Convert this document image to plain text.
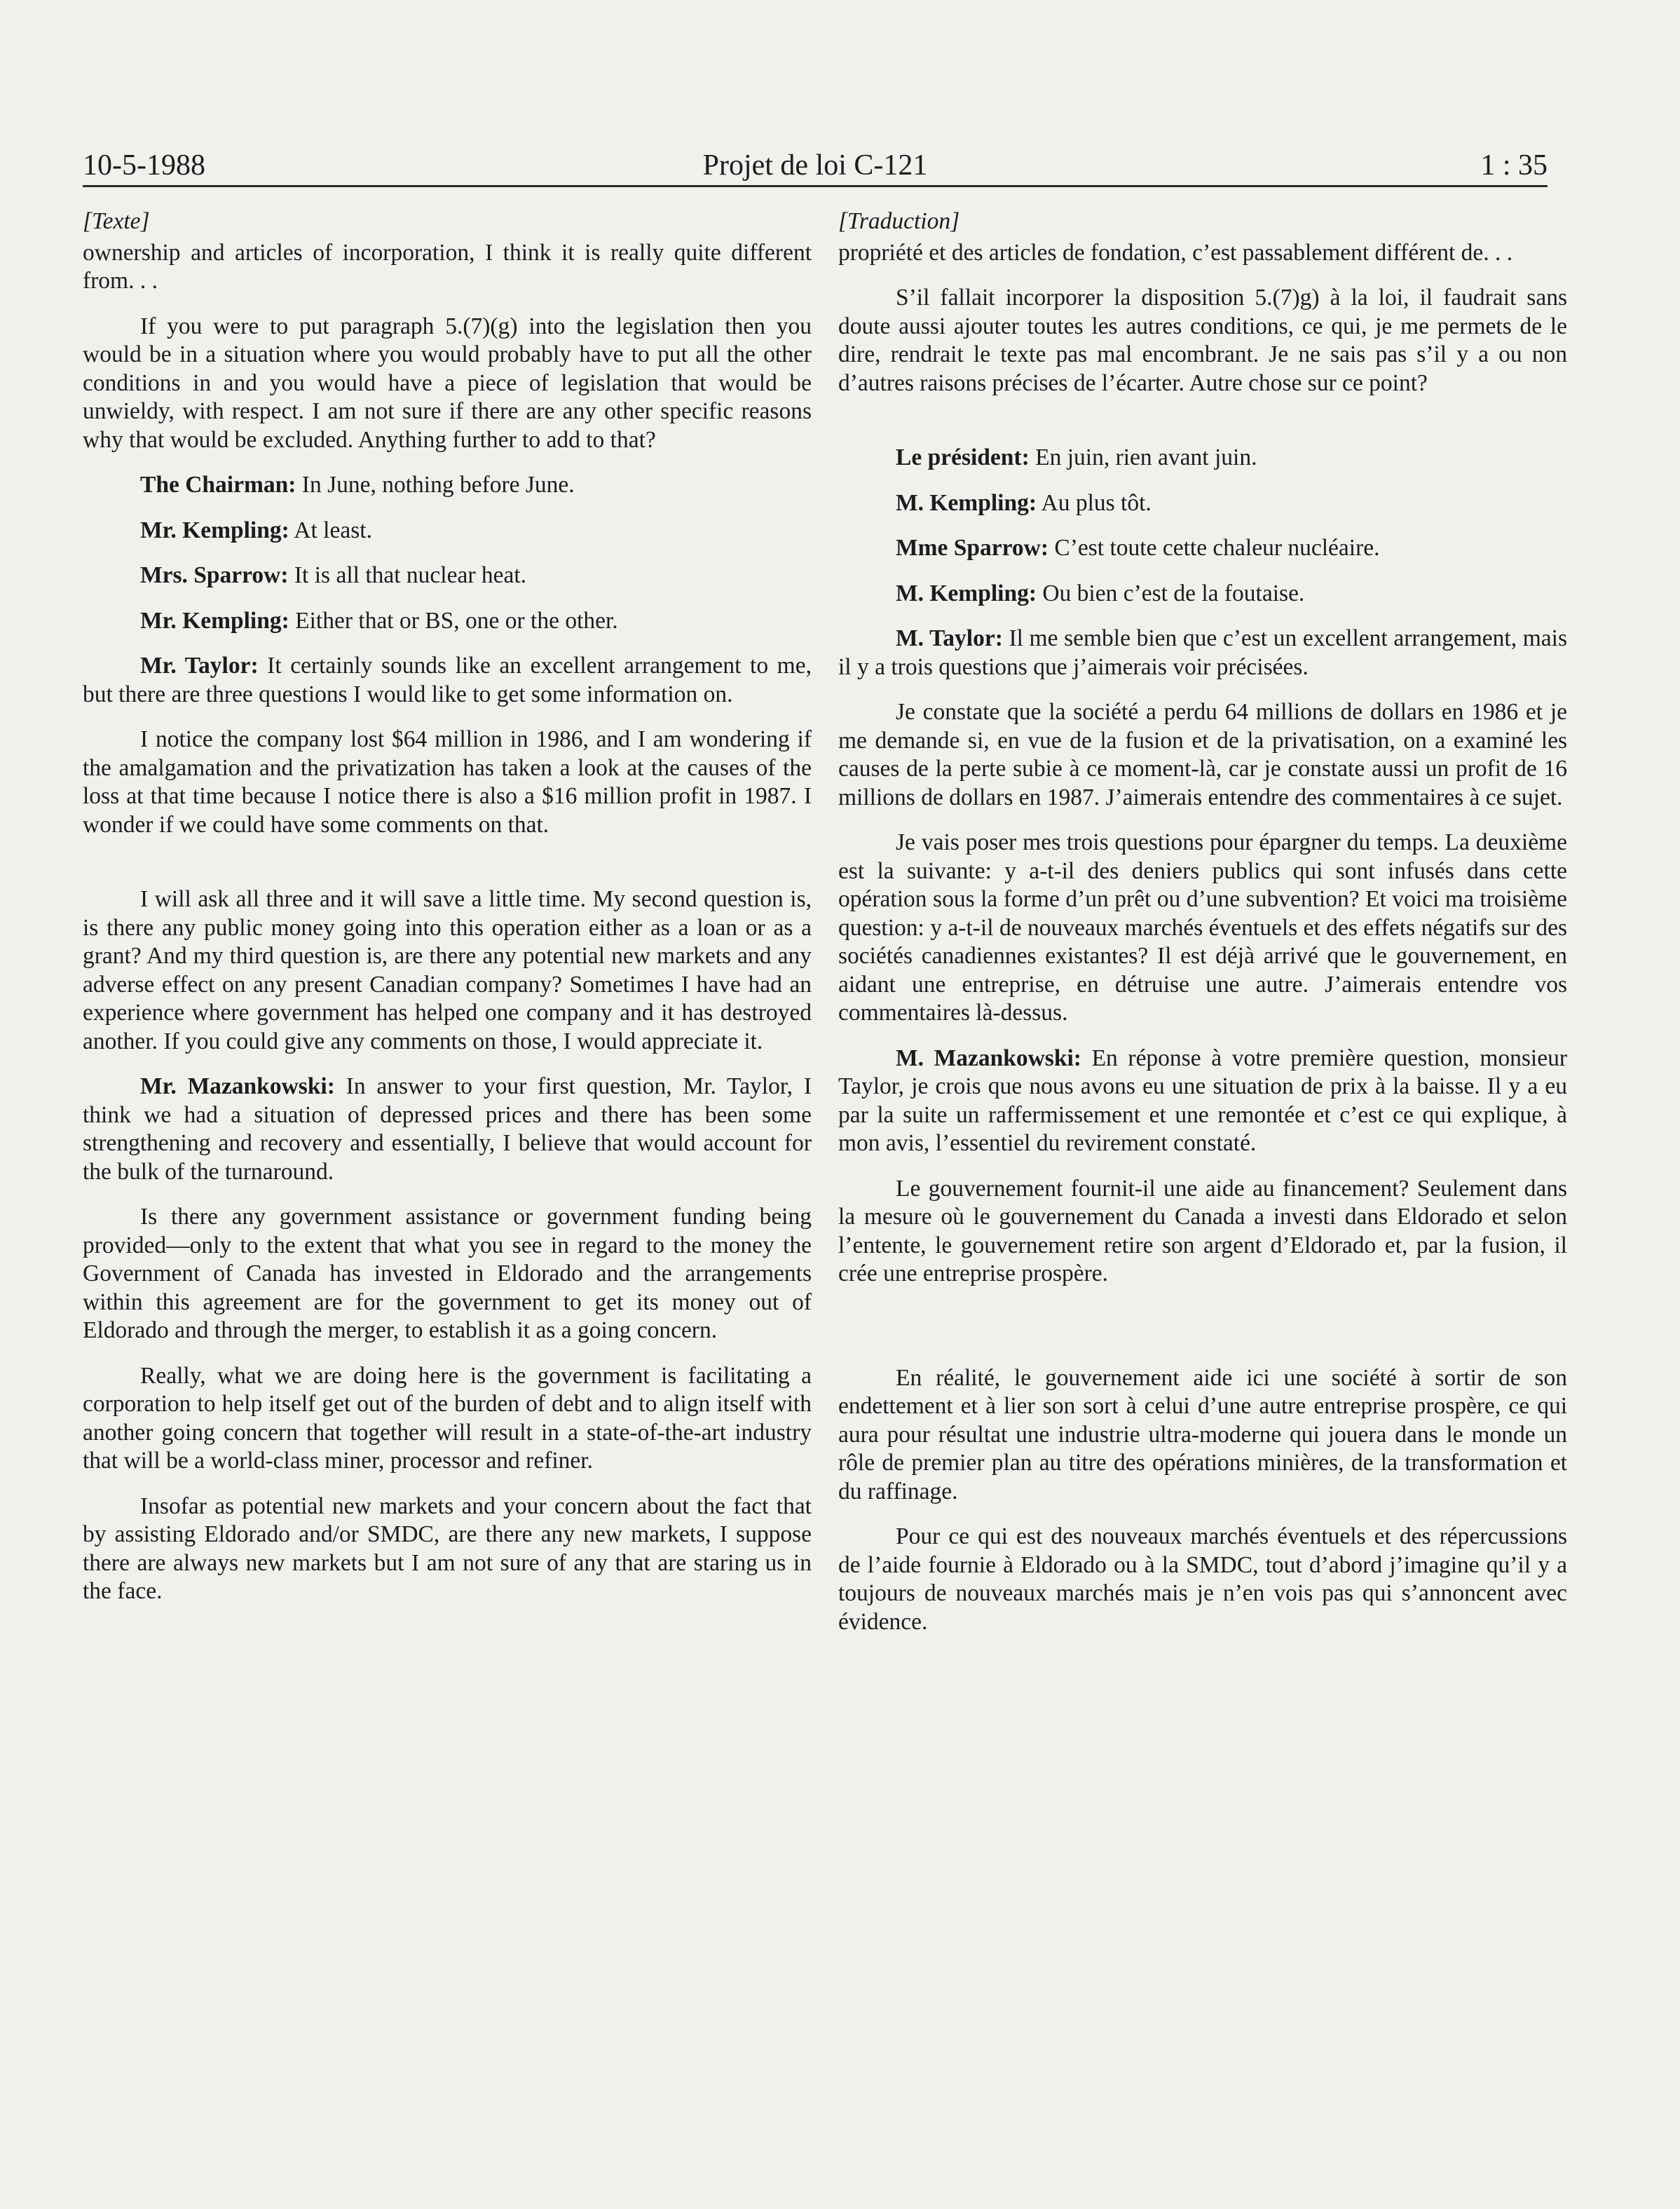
10-5-1988	Projet de loi C-121	1 : 35

[Texte]

ownership and articles of incorporation, I think it is really quite different from. . .

If you were to put paragraph 5.(7)(g) into the legislation then you would be in a situation where you would probably have to put all the other conditions in and you would have a piece of legislation that would be unwieldy, with respect. I am not sure if there are any other specific reasons why that would be excluded. Anything further to add to that?

The Chairman: In June, nothing before June.

Mr. Kempling: At least.

Mrs. Sparrow: It is all that nuclear heat.

Mr. Kempling: Either that or BS, one or the other.

Mr. Taylor: It certainly sounds like an excellent arrangement to me, but there are three questions I would like to get some information on.

I notice the company lost $64 million in 1986, and I am wondering if the amalgamation and the privatization has taken a look at the causes of the loss at that time because I notice there is also a $16 million profit in 1987. I wonder if we could have some comments on that.

I will ask all three and it will save a little time. My second question is, is there any public money going into this operation either as a loan or as a grant? And my third question is, are there any potential new markets and any adverse effect on any present Canadian company? Sometimes I have had an experience where government has helped one company and it has destroyed another. If you could give any comments on those, I would appreciate it.

Mr. Mazankowski: In answer to your first question, Mr. Taylor, I think we had a situation of depressed prices and there has been some strengthening and recovery and essentially, I believe that would account for the bulk of the turnaround.

Is there any government assistance or government funding being provided—only to the extent that what you see in regard to the money the Government of Canada has invested in Eldorado and the arrangements within this agreement are for the government to get its money out of Eldorado and through the merger, to establish it as a going concern.

Really, what we are doing here is the government is facilitating a corporation to help itself get out of the burden of debt and to align itself with another going concern that together will result in a state-of-the-art industry that will be a world-class miner, processor and refiner.

Insofar as potential new markets and your concern about the fact that by assisting Eldorado and/or SMDC, are there any new markets, I suppose there are always new markets but I am not sure of any that are staring us in the face.

[Traduction]

propriété et des articles de fondation, c’est passablement différent de. . .

S’il fallait incorporer la disposition 5.(7)g) à la loi, il faudrait sans doute aussi ajouter toutes les autres conditions, ce qui, je me permets de le dire, rendrait le texte pas mal encombrant. Je ne sais pas s’il y a ou non d’autres raisons précises de l’écarter. Autre chose sur ce point?

Le président: En juin, rien avant juin.

M. Kempling: Au plus tôt.

Mme Sparrow: C’est toute cette chaleur nucléaire.

M. Kempling: Ou bien c’est de la foutaise.

M. Taylor: Il me semble bien que c’est un excellent arrangement, mais il y a trois questions que j’aimerais voir précisées.

Je constate que la société a perdu 64 millions de dollars en 1986 et je me demande si, en vue de la fusion et de la privatisation, on a examiné les causes de la perte subie à ce moment-là, car je constate aussi un profit de 16 millions de dollars en 1987. J’aimerais entendre des commentaires à ce sujet.

Je vais poser mes trois questions pour épargner du temps. La deuxième est la suivante: y a-t-il des deniers publics qui sont infusés dans cette opération sous la forme d’un prêt ou d’une subvention? Et voici ma troisième question: y a-t-il de nouveaux marchés éventuels et des effets négatifs sur des sociétés canadiennes existantes? Il est déjà arrivé que le gouvernement, en aidant une entreprise, en détruise une autre. J’aimerais entendre vos commentaires là-dessus.

M. Mazankowski: En réponse à votre première question, monsieur Taylor, je crois que nous avons eu une situation de prix à la baisse. Il y a eu par la suite un raffermissement et une remontée et c’est ce qui explique, à mon avis, l’essentiel du revirement constaté.

Le gouvernement fournit-il une aide au financement? Seulement dans la mesure où le gouvernement du Canada a investi dans Eldorado et selon l’entente, le gouvernement retire son argent d’Eldorado et, par la fusion, il crée une entreprise prospère.

En réalité, le gouvernement aide ici une société à sortir de son endettement et à lier son sort à celui d’une autre entreprise prospère, ce qui aura pour résultat une industrie ultra-moderne qui jouera dans le monde un rôle de premier plan au titre des opérations minières, de la transformation et du raffinage.

Pour ce qui est des nouveaux marchés éventuels et des répercussions de l’aide fournie à Eldorado ou à la SMDC, tout d’abord j’imagine qu’il y a toujours de nouveaux marchés mais je n’en vois pas qui s’annoncent avec évidence.
